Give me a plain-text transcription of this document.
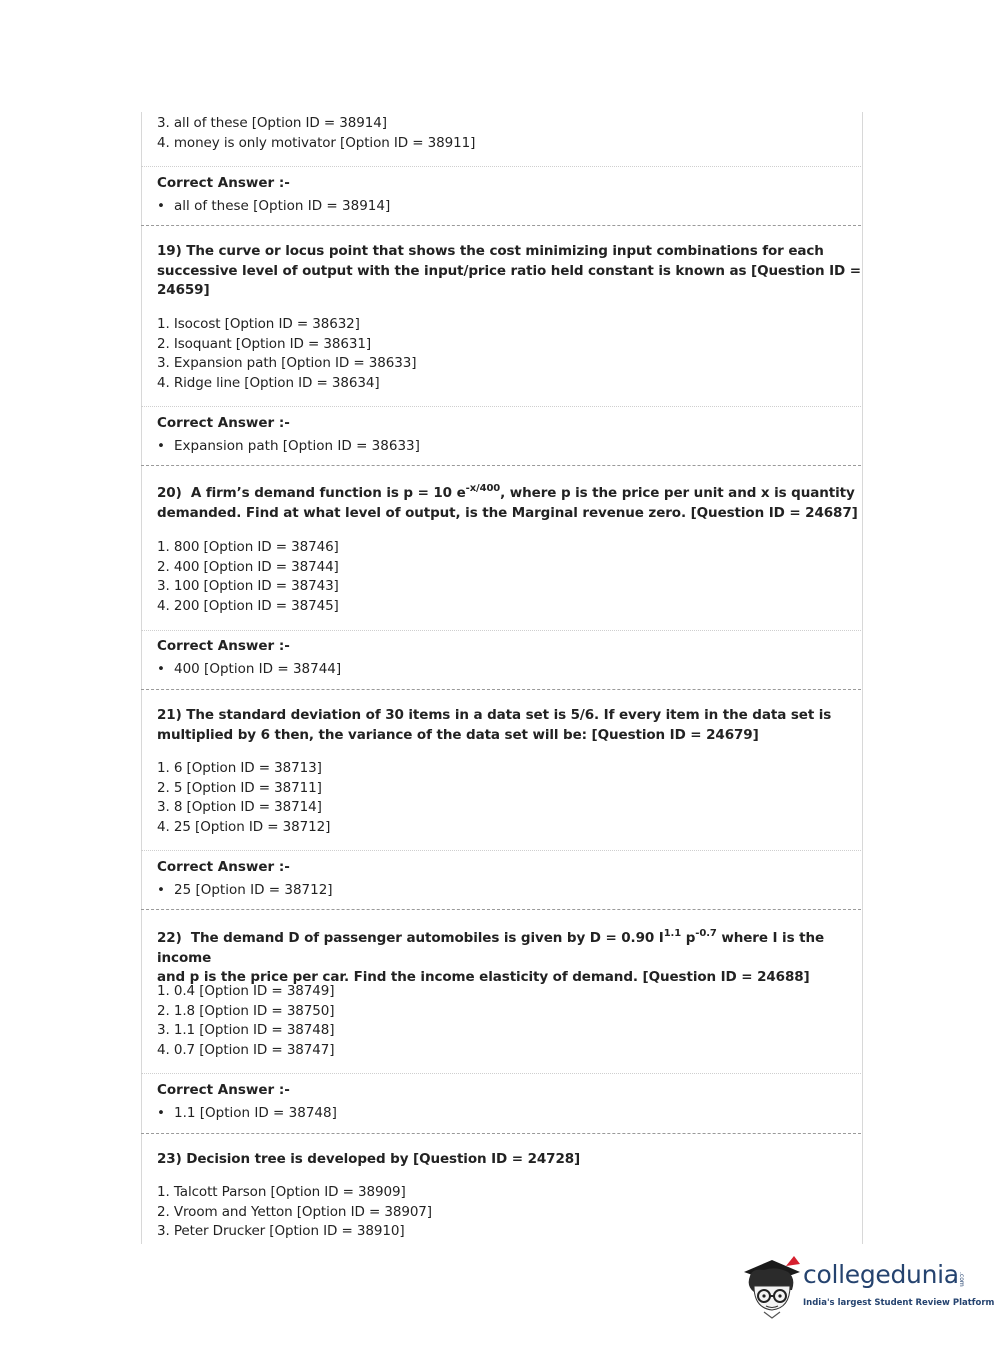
3. all of these [Option ID = 38914]
4. money is only motivator [Option ID = 38911]
Correct Answer :-
• all of these [Option ID = 38914]
19) The curve or locus point that shows the cost minimizing input combinations for each
successive level of output with the input/price ratio held constant is known as [Question ID =
24659]
1. Isocost [Option ID = 38632]
2. Isoquant [Option ID = 38631]
3. Expansion path [Option ID = 38633]
4. Ridge line [Option ID = 38634]
Correct Answer :-
• Expansion path [Option ID = 38633]
20) A firm’s demand function is p = 10 $e^{-x/400}$, where p is the price per unit and x is quantity
demanded. Find at what level of output, is the Marginal revenue zero. [Question ID = 24687]
1. 800 [Option ID = 38746]
2. 400 [Option ID = 38744]
3. 100 [Option ID = 38743]
4. 200 [Option ID = 38745]
Correct Answer :-
• 400 [Option ID = 38744]
21) The standard deviation of 30 items in a data set is 5/6. If every item in the data set is
multiplied by 6 then, the variance of the data set will be: [Question ID = 24679]
1. 6 [Option ID = 38713]
2. 5 [Option ID = 38711]
3. 8 [Option ID = 38714]
4. 25 [Option ID = 38712]
Correct Answer :-
• 25 [Option ID = 38712]
22) The demand D of passenger automobiles is given by D = 0.90 $I^{1.1}$ $p^{-0.7}$ where I is the income
and p is the price per car. Find the income elasticity of demand. [Question ID = 24688]
1. 0.4 [Option ID = 38749]
2. 1.8 [Option ID = 38750]
3. 1.1 [Option ID = 38748]
4. 0.7 [Option ID = 38747]
Correct Answer :-
• 1.1 [Option ID = 38748]
23) Decision tree is developed by [Question ID = 24728]
1. Talcott Parson [Option ID = 38909]
2. Vroom and Yetton [Option ID = 38907]
3. Peter Drucker [Option ID = 38910]
collegedunia .com
India's largest Student Review Platform
